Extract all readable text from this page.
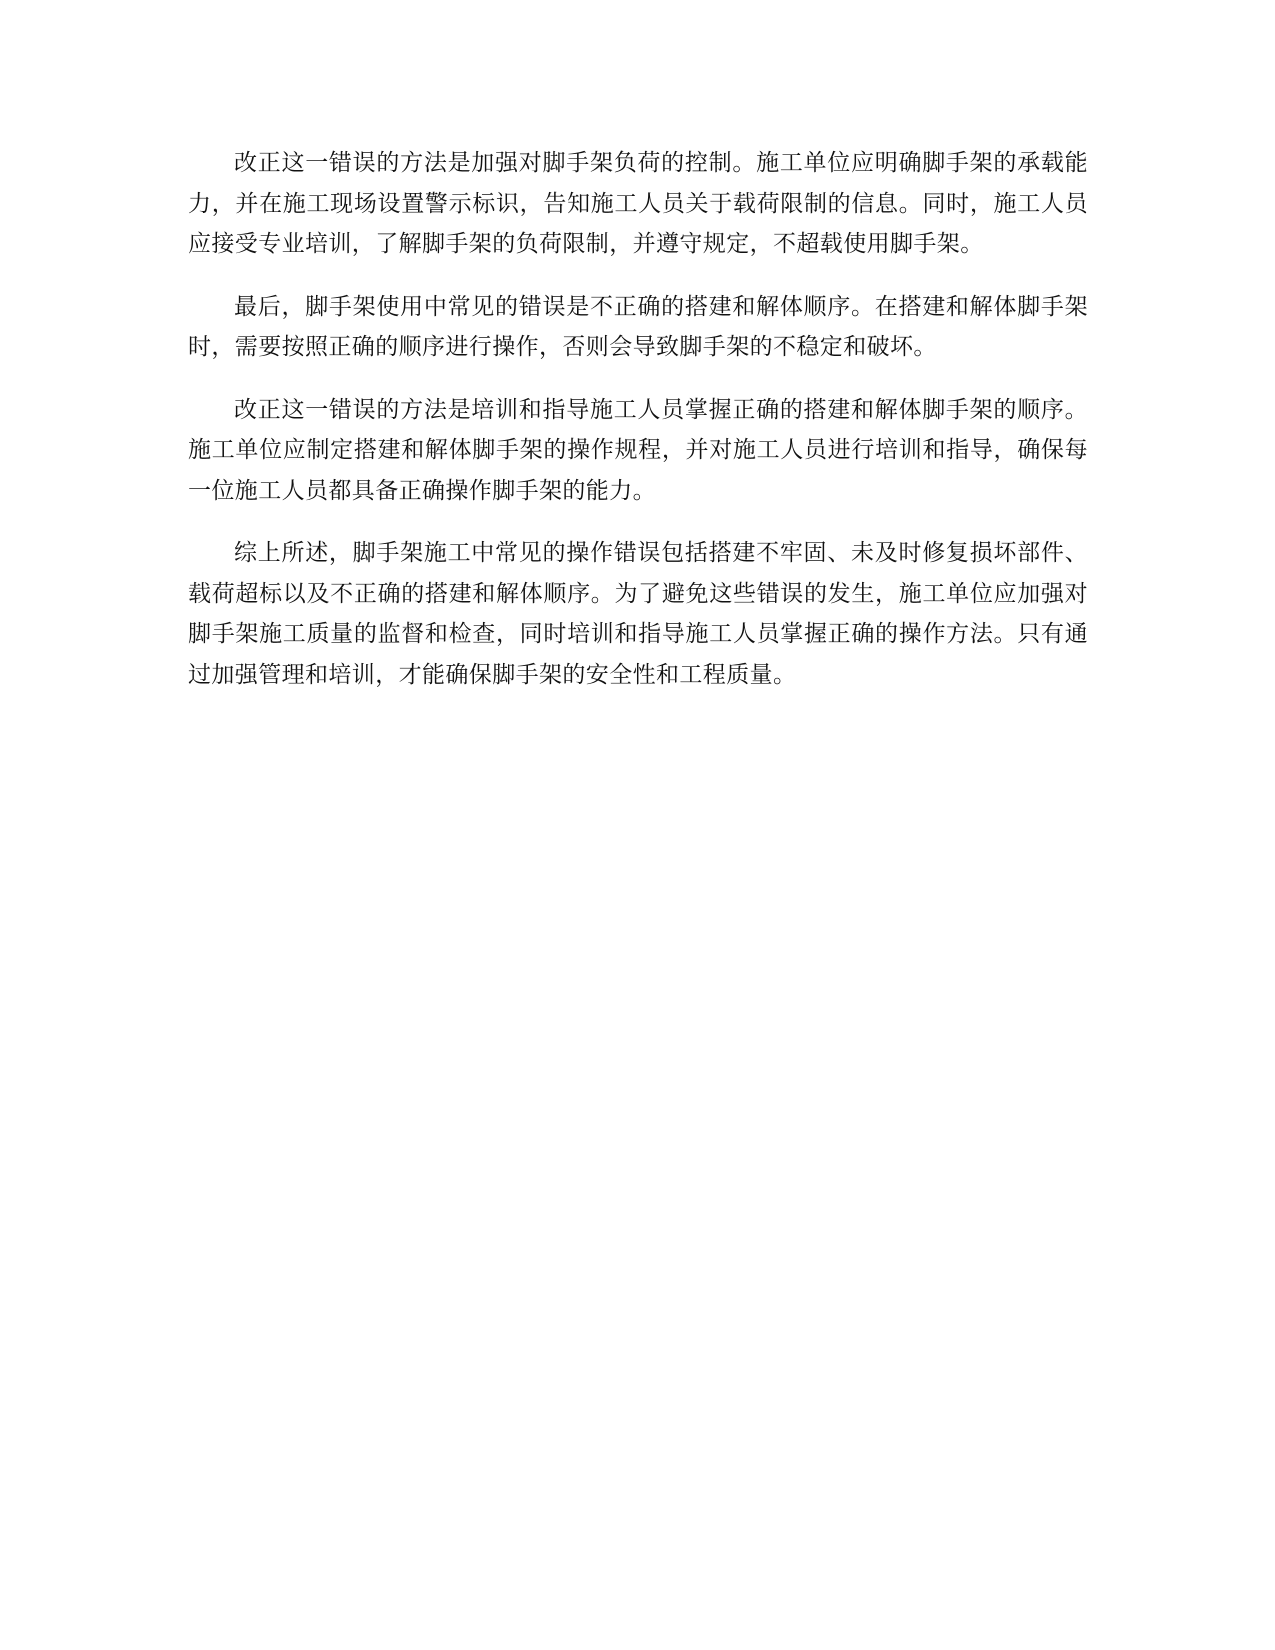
改正这一错误的方法是加强对脚手架负荷的控制。施工单位应明确脚手架的承载能力，并在施工现场设置警示标识，告知施工人员关于载荷限制的信息。同时，施工人员应接受专业培训，了解脚手架的负荷限制，并遵守规定，不超载使用脚手架。

最后，脚手架使用中常见的错误是不正确的搭建和解体顺序。在搭建和解体脚手架时，需要按照正确的顺序进行操作，否则会导致脚手架的不稳定和破坏。

改正这一错误的方法是培训和指导施工人员掌握正确的搭建和解体脚手架的顺序。施工单位应制定搭建和解体脚手架的操作规程，并对施工人员进行培训和指导，确保每一位施工人员都具备正确操作脚手架的能力。

综上所述，脚手架施工中常见的操作错误包括搭建不牢固、未及时修复损坏部件、载荷超标以及不正确的搭建和解体顺序。为了避免这些错误的发生，施工单位应加强对脚手架施工质量的监督和检查，同时培训和指导施工人员掌握正确的操作方法。只有通过加强管理和培训，才能确保脚手架的安全性和工程质量。
